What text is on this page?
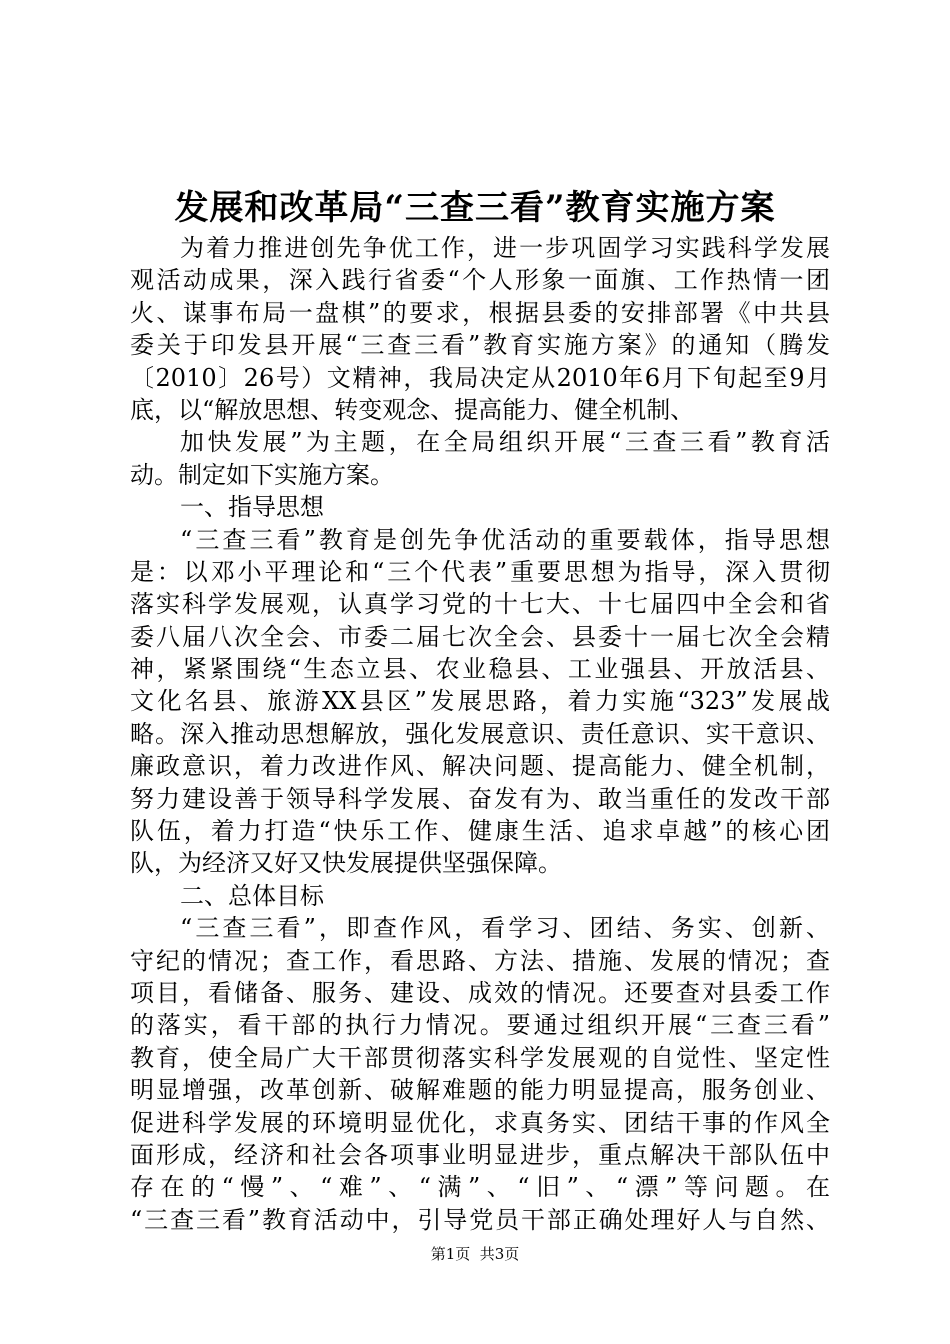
发展和改革局“三查三看”教育实施方案
为着力推进创先争优工作，进一步巩固学习实践科学发展
观活动成果，深入践行省委“个人形象一面旗、工作热情一团
火、谋事布局一盘棋”的要求，根据县委的安排部署《中共县
委关于印发县开展“三查三看”教育实施方案》的通知（腾发
〔2010〕26号）文精神，我局决定从2010年6月下旬起至9月
底，以“解放思想、转变观念、提高能力、健全机制、
加快发展”为主题，在全局组织开展“三查三看”教育活
动。制定如下实施方案。
一、指导思想
“三查三看”教育是创先争优活动的重要载体，指导思想
是：以邓小平理论和“三个代表”重要思想为指导，深入贯彻
落实科学发展观，认真学习党的十七大、十七届四中全会和省
委八届八次全会、市委二届七次全会、县委十一届七次全会精
神，紧紧围绕“生态立县、农业稳县、工业强县、开放活县、
文化名县、旅游XX县区”发展思路，着力实施“323”发展战
略。深入推动思想解放，强化发展意识、责任意识、实干意识、
廉政意识，着力改进作风、解决问题、提高能力、健全机制，
努力建设善于领导科学发展、奋发有为、敢当重任的发改干部
队伍，着力打造“快乐工作、健康生活、追求卓越”的核心团
队，为经济又好又快发展提供坚强保障。
二、总体目标
“三查三看”，即查作风，看学习、团结、务实、创新、
守纪的情况；查工作，看思路、方法、措施、发展的情况；查
项目，看储备、服务、建设、成效的情况。还要查对县委工作
的落实，看干部的执行力情况。要通过组织开展“三查三看”
教育，使全局广大干部贯彻落实科学发展观的自觉性、坚定性
明显增强，改革创新、破解难题的能力明显提高，服务创业、
促进科学发展的环境明显优化，求真务实、团结干事的作风全
面形成，经济和社会各项事业明显进步，重点解决干部队伍中
存在的“慢”、“难”、“满”、“旧”、“漂”等问题。在
“三查三看”教育活动中，引导党员干部正确处理好人与自然、
第1页  共3页
